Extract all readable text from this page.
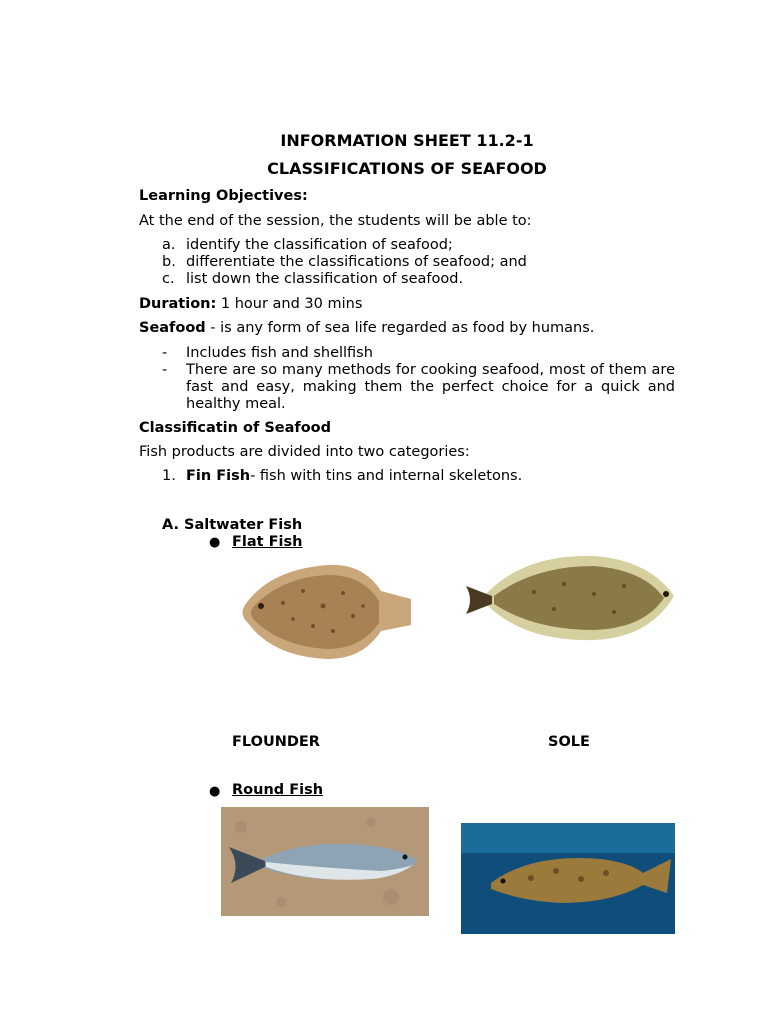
INFORMATION SHEET 11.2-1
CLASSIFICATIONS OF SEAFOOD
Learning Objectives:
At the end of the session, the students will be able to:
a. identify the classification of seafood;
b. differentiate the classifications of seafood; and
c. list down the classification of seafood.
Duration: 1 hour and 30 mins
Seafood - is any form of sea life regarded as food by humans.
- Includes fish and shellfish
- There are so many methods for cooking seafood, most of them are fast and easy, making them the perfect choice for a quick and healthy meal.
Classificatin of Seafood
Fish products are divided into two categories:
1. Fin Fish- fish with tins and internal skeletons.
A. Saltwater Fish
● Flat Fish
FLOUNDER	SOLE
● Round Fish
